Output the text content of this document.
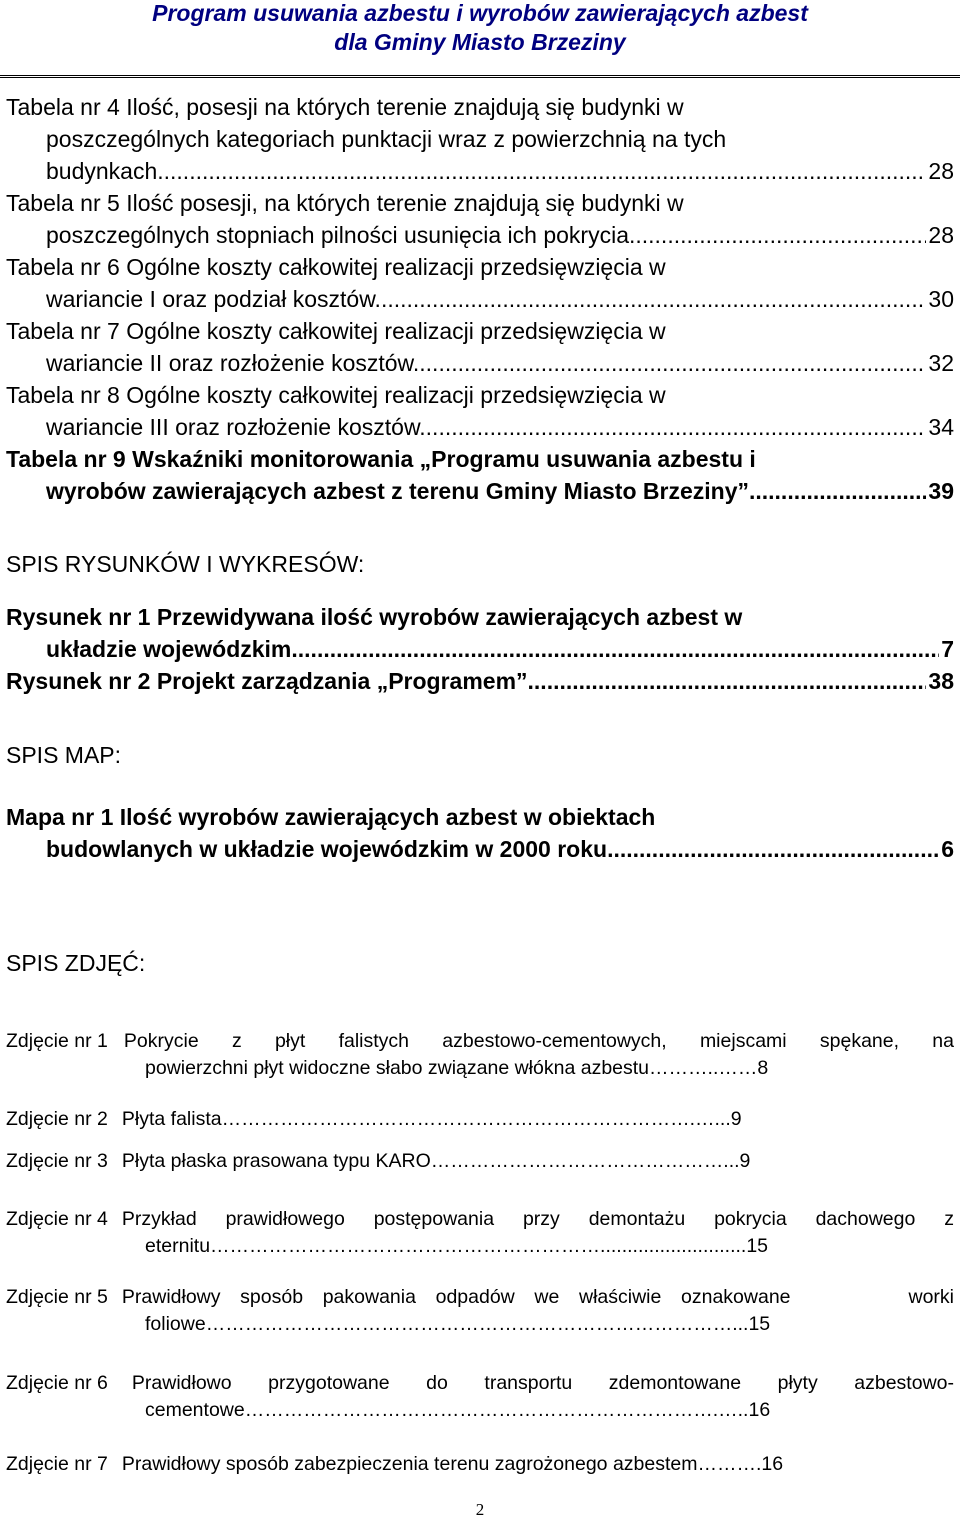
Program usuwania azbestu i wyrobów zawierających azbest
dla Gminy Miasto Brzeziny
Tabela nr 4 Ilość, posesji na których terenie znajdują się budynki w
poszczególnych kategoriach punktacji wraz z powierzchnią na tych
budynkach. .....	28
Tabela nr 5 Ilość posesji, na których terenie znajdują się budynki w
poszczególnych stopniach pilności usunięcia ich pokrycia. .....	28
Tabela nr 6 Ogólne koszty całkowitej realizacji przedsięwzięcia w
wariancie I oraz podział kosztów. .....	30
Tabela nr 7 Ogólne koszty całkowitej realizacji przedsięwzięcia w
wariancie II oraz rozłożenie kosztów. .....	32
Tabela nr 8 Ogólne koszty całkowitej realizacji przedsięwzięcia w
wariancie III oraz rozłożenie kosztów. .....	34
Tabela nr 9 Wskaźniki monitorowania „Programu usuwania azbestu i
wyrobów zawierających azbest z terenu Gminy Miasto Brzeziny” .....	39
SPIS RYSUNKÓW I WYKRESÓW:
Rysunek nr 1 Przewidywana ilość wyrobów zawierających azbest w
układzie wojewódzkim .....	7
Rysunek nr 2 Projekt zarządzania „Programem”... .....	38
SPIS MAP:
Mapa nr 1 Ilość wyrobów zawierających azbest w obiektach
budowlanych w układzie wojewódzkim w 2000 roku. .....	6
SPIS ZDJĘĆ:
Zdjęcie nr 1 Pokrycie z płyt falistych azbestowo-cementowych, miejscami spękane, na
powierzchni płyt widoczne słabo związane włókna azbestu………..……8
Zdjęcie nr 2 Płyta falista……………………………………………………………….…...9
Zdjęcie nr 3 Płyta płaska prasowana typu KARO………………………………………...9
Zdjęcie nr 4 Przykład prawidłowego postępowania przy demontażu pokrycia dachowego z
eternitu……………………………………………………...........................15
Zdjęcie nr 5 Prawidłowy sposób pakowania odpadów we właściwie oznakowane      worki
foliowe………………………………………………………………………...15
Zdjęcie nr 6	Prawidłowo przygotowane do transportu zdemontowane płyty azbestowo-
cementowe……………………………………………………………….…..16
Zdjęcie nr 7 Prawidłowy sposób zabezpieczenia terenu zagrożonego azbestem……….16
2
